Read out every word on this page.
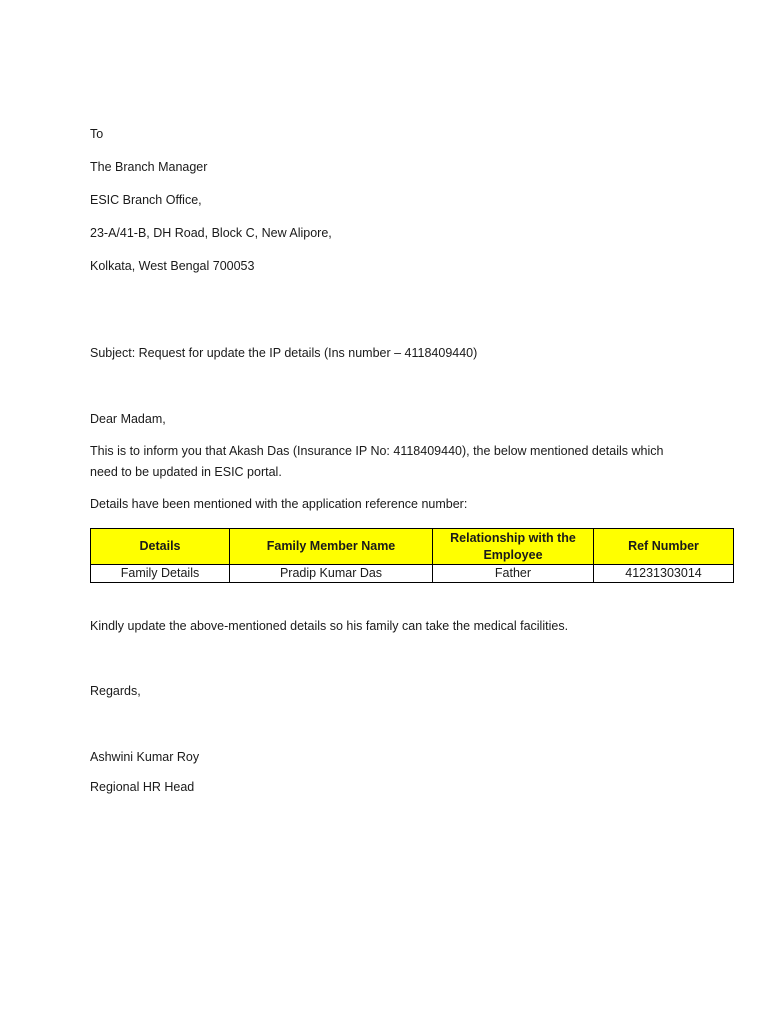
To
The Branch Manager
ESIC Branch Office,
23-A/41-B, DH Road, Block C, New Alipore,
Kolkata, West Bengal 700053
Subject: Request for update the IP details (Ins number – 4118409440)
Dear Madam,
This is to inform you that Akash Das (Insurance IP No: 4118409440), the below mentioned details which need to be updated in ESIC portal.
Details have been mentioned with the application reference number:
Details	Family Member Name	Relationship with the Employee	Ref Number
Family Details	Pradip Kumar Das	Father	41231303014
Kindly update the above-mentioned details so his family can take the medical facilities.
Regards,
Ashwini Kumar Roy
Regional HR Head
